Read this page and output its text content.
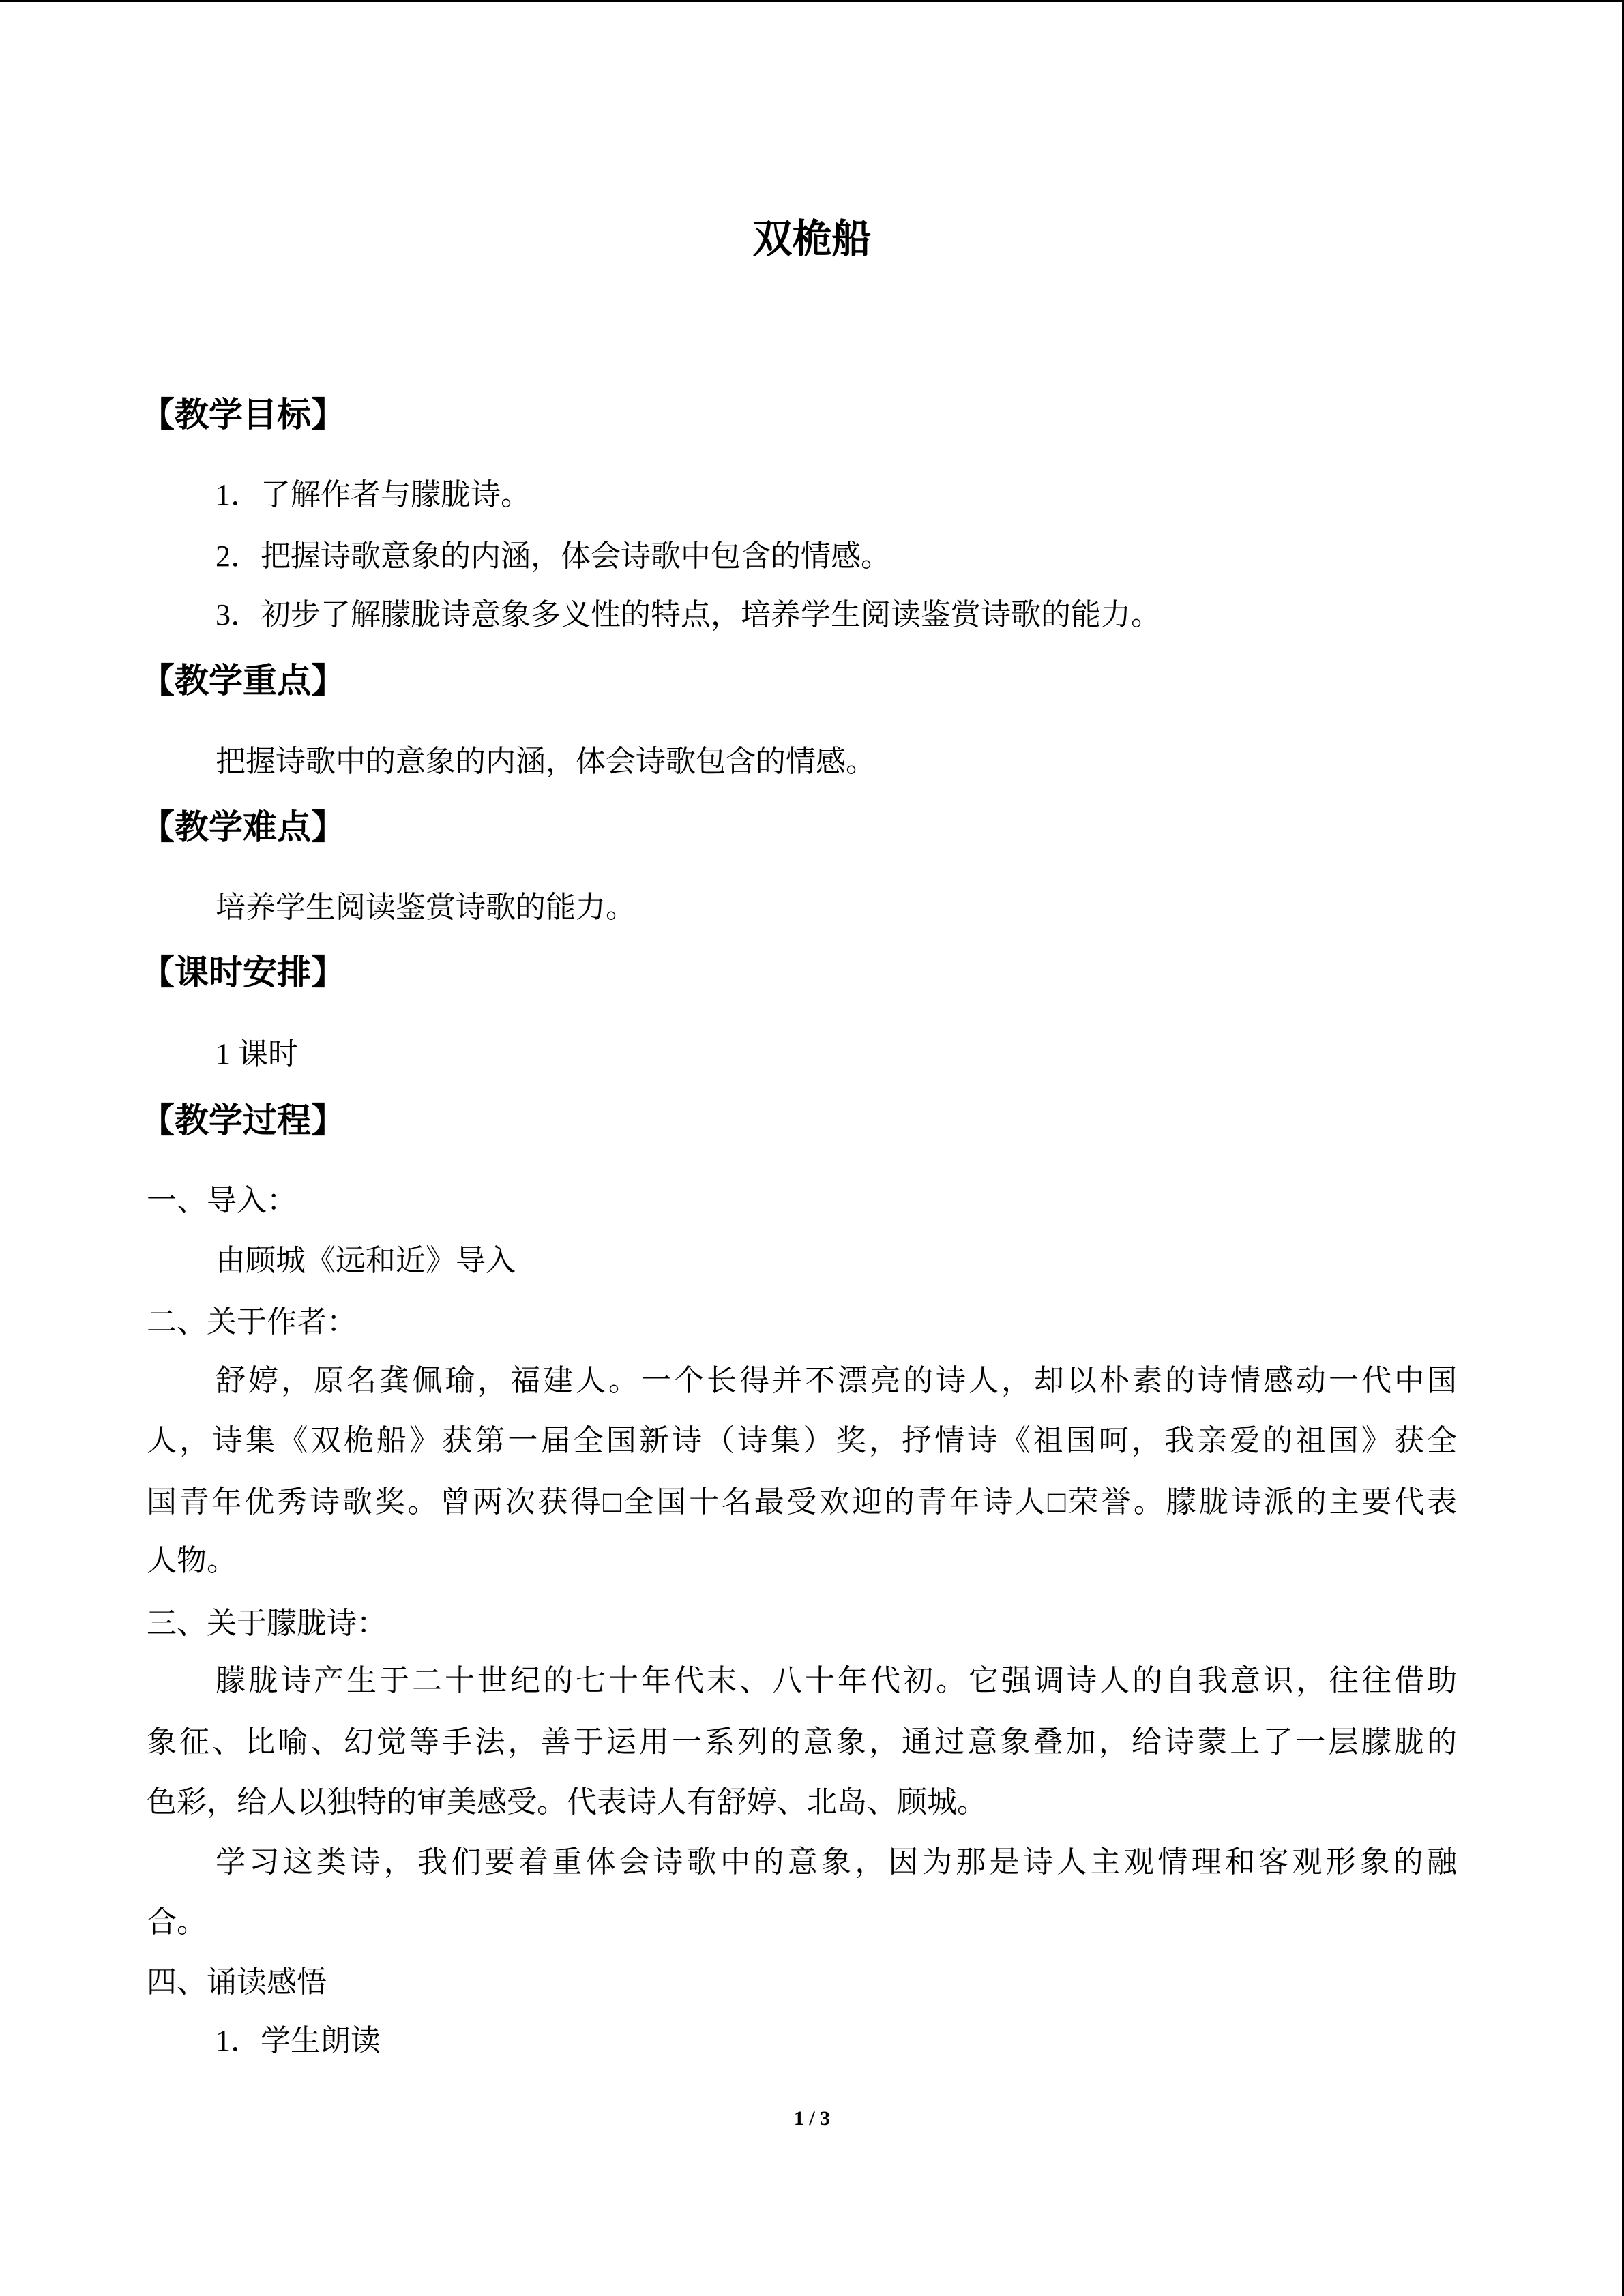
双桅船
【教学目标】
1．了解作者与朦胧诗。
2．把握诗歌意象的内涵，体会诗歌中包含的情感。
3．初步了解朦胧诗意象多义性的特点，培养学生阅读鉴赏诗歌的能力。
【教学重点】
把握诗歌中的意象的内涵，体会诗歌包含的情感。
【教学难点】
培养学生阅读鉴赏诗歌的能力。
【课时安排】
1 课时
【教学过程】
一、导入：
由顾城《远和近》导入
二、关于作者：
舒婷，原名龚佩瑜，福建人。一个长得并不漂亮的诗人，却以朴素的诗情感动一代中国
人，诗集《双桅船》获第一届全国新诗（诗集）奖，抒情诗《祖国呵，我亲爱的祖国》获全
国青年优秀诗歌奖。曾两次获得□全国十名最受欢迎的青年诗人□荣誉。朦胧诗派的主要代表
人物。
三、关于朦胧诗：
朦胧诗产生于二十世纪的七十年代末、八十年代初。它强调诗人的自我意识，往往借助
象征、比喻、幻觉等手法，善于运用一系列的意象，通过意象叠加，给诗蒙上了一层朦胧的
色彩，给人以独特的审美感受。代表诗人有舒婷、北岛、顾城。
学习这类诗，我们要着重体会诗歌中的意象，因为那是诗人主观情理和客观形象的融
合。
四、诵读感悟
1．学生朗读
1 / 3
